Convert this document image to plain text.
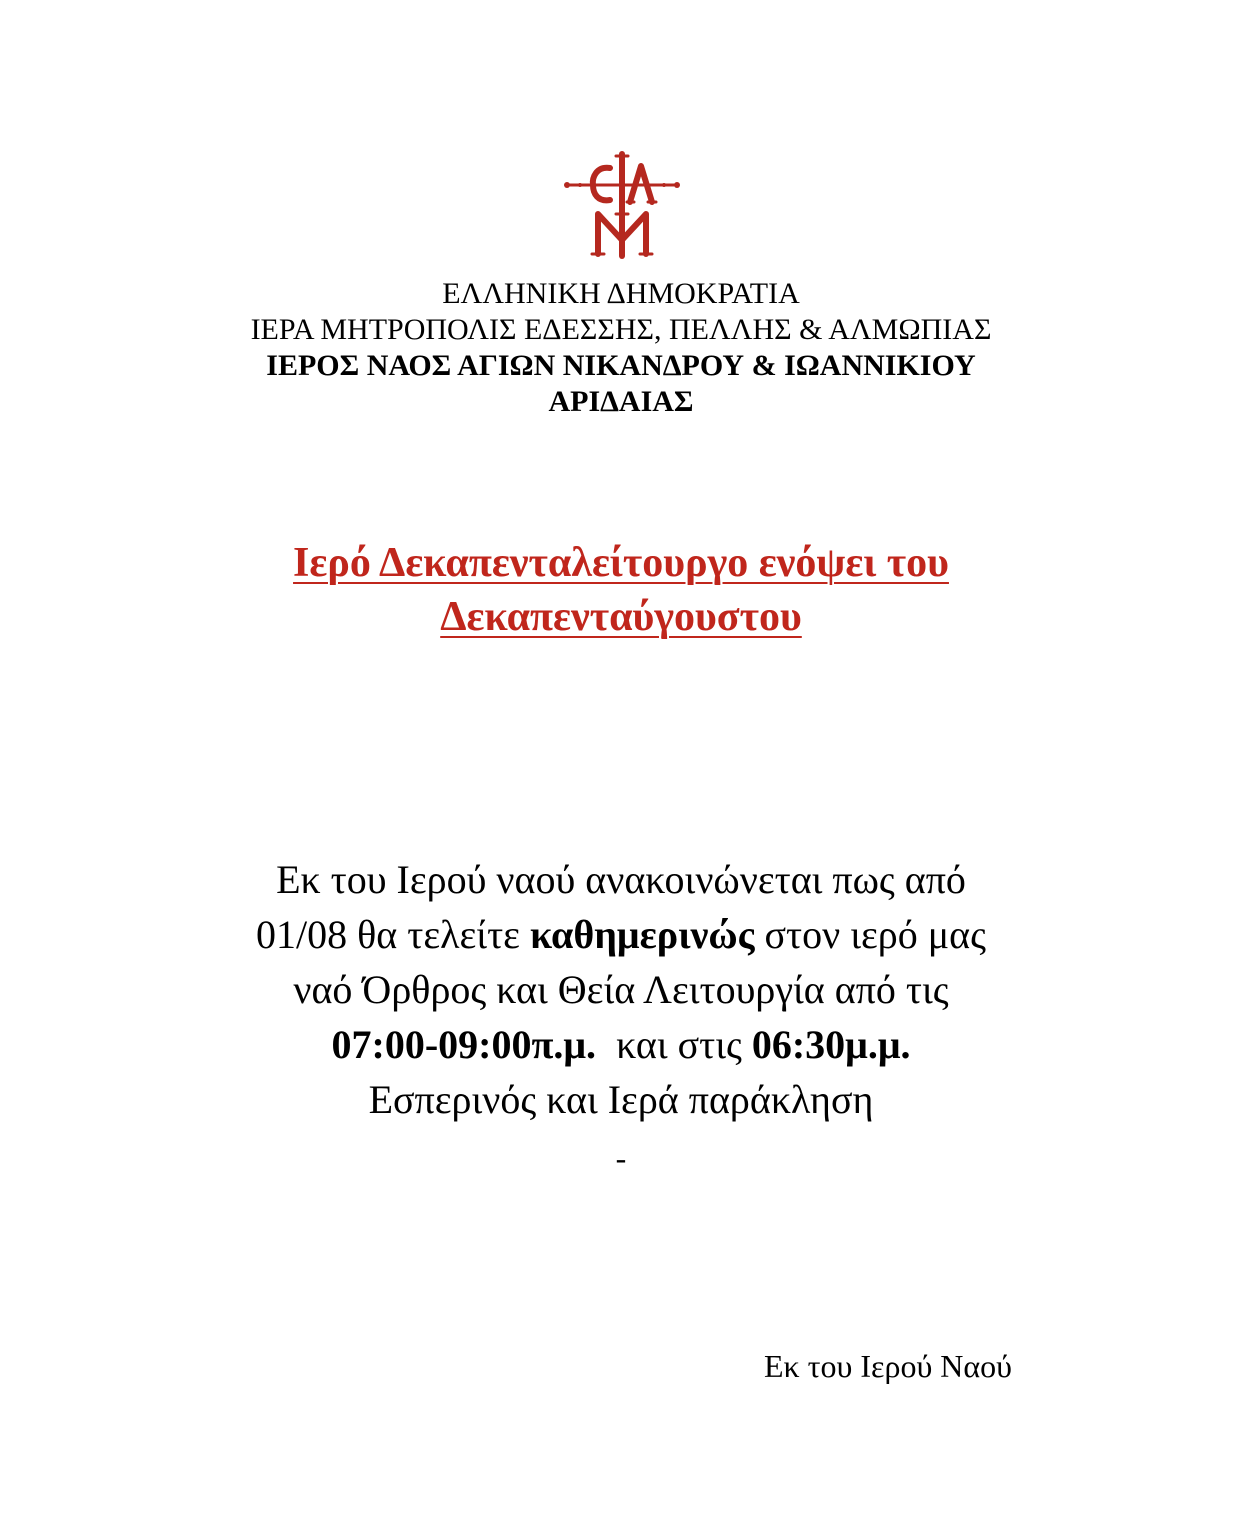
ΕΛΛΗΝΙΚΗ ΔΗΜΟΚΡΑΤΙΑ
ΙΕΡΑ ΜΗΤΡΟΠΟΛΙΣ ΕΔΕΣΣΗΣ, ΠΕΛΛΗΣ & ΑΛΜΩΠΙΑΣ
ΙΕΡΟΣ ΝΑΟΣ ΑΓΙΩΝ ΝΙΚΑΝΔΡΟΥ & ΙΩΑΝΝΙΚΙΟΥ
ΑΡΙΔΑΙΑΣ
Ιερό Δεκαπενταλείτουργο ενόψει του
Δεκαπενταύγουστου
Εκ του Ιερού ναού ανακοινώνεται πως από
01/08 θα τελείτε καθημερινώς στον ιερό μας
ναό Όρθρος και Θεία Λειτουργία από τις
07:00-09:00π.μ.  και στις 06:30μ.μ.
Εσπερινός και Ιερά παράκληση
-
Εκ του Ιερού Ναού
